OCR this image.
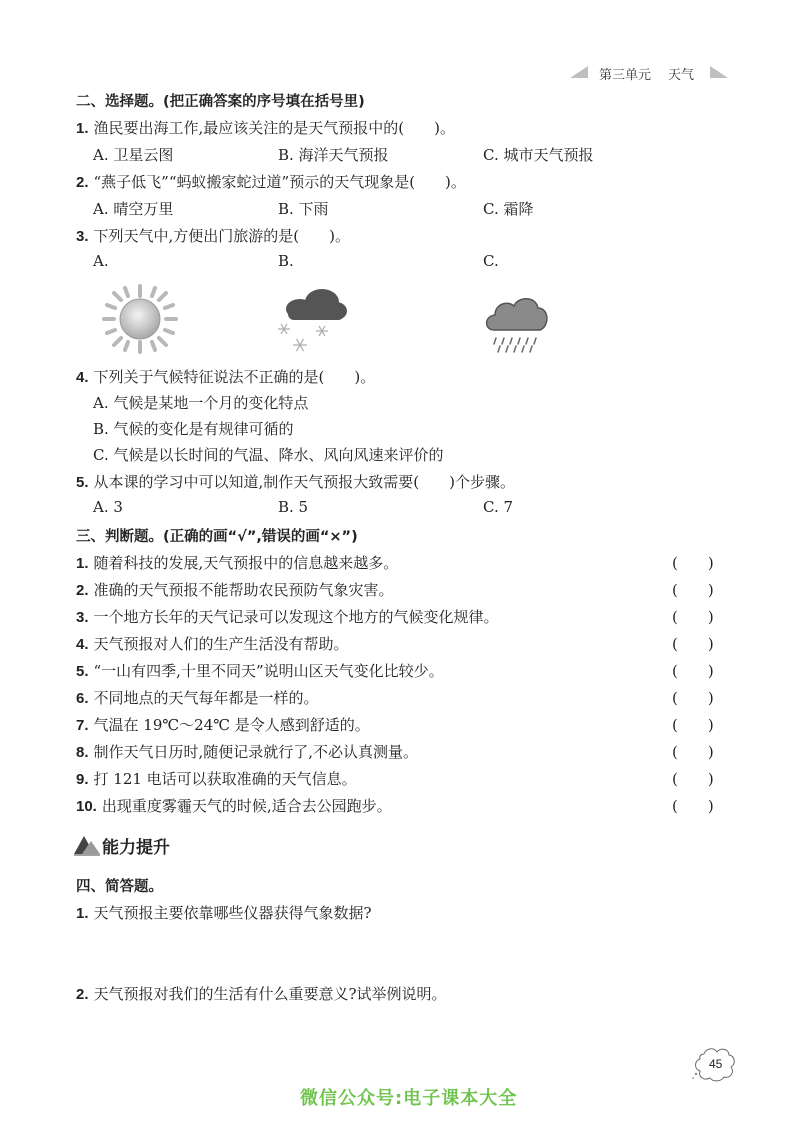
第三单元 天气
二、选择题。(把正确答案的序号填在括号里)
1. 渔民要出海工作,最应该关注的是天气预报中的(　　)。
A. 卫星云图	B. 海洋天气预报	C. 城市天气预报
2. “燕子低飞”“蚂蚁搬家蛇过道”预示的天气现象是(　　)。
A. 晴空万里	B. 下雨	C. 霜降
3. 下列天气中,方便出门旅游的是(　　)。
A.	B.	C.
4. 下列关于气候特征说法不正确的是(　　)。
A. 气候是某地一个月的变化特点
B. 气候的变化是有规律可循的
C. 气候是以长时间的气温、降水、风向风速来评价的
5. 从本课的学习中可以知道,制作天气预报大致需要(　　)个步骤。
A. 3	B. 5	C. 7
三、判断题。(正确的画“√”,错误的画“×”)
1. 随着科技的发展,天气预报中的信息越来越多。	(　　)
2. 准确的天气预报不能帮助农民预防气象灾害。	(　　)
3. 一个地方长年的天气记录可以发现这个地方的气候变化规律。	(　　)
4. 天气预报对人们的生产生活没有帮助。	(　　)
5. “一山有四季,十里不同天”说明山区天气变化比较少。	(　　)
6. 不同地点的天气每年都是一样的。	(　　)
7. 气温在 19℃～24℃ 是令人感到舒适的。	(　　)
8. 制作天气日历时,随便记录就行了,不必认真测量。	(　　)
9. 打 121 电话可以获取准确的天气信息。	(　　)
10. 出现重度雾霾天气的时候,适合去公园跑步。	(　　)
能力提升
四、简答题。
1. 天气预报主要依靠哪些仪器获得气象数据?
2. 天气预报对我们的生活有什么重要意义?试举例说明。
45
微信公众号:电子课本大全
